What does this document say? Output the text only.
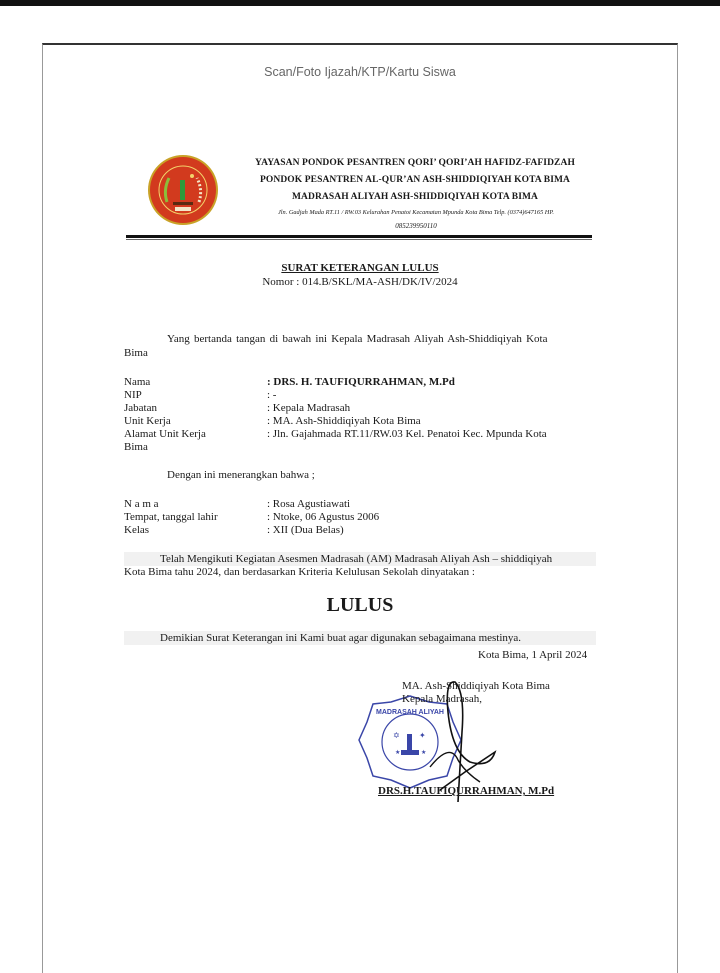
Scan/Foto Ijazah/KTP/Kartu Siswa
YAYASAN PONDOK PESANTREN QORI’ QORI’AH HAFIDZ-FAFIDZAH
PONDOK PESANTREN AL-QUR’AN ASH-SHIDDIQIYAH KOTA BIMA
MADRASAH ALIYAH ASH-SHIDDIQIYAH KOTA BIMA
Jln. Gadjah Mada RT.11 / RW.03 Kelurahan Penatoi Kecamatan Mpunda Kota Bima Telp. (0374)647165 HP.
085239950110
SURAT KETERANGAN LULUS
Nomor : 014.B/SKL/MA-ASH/DK/IV/2024
Yang bertanda tangan di bawah ini Kepala Madrasah Aliyah Ash-Shiddiqiyah Kota
Bima
Nama	: DRS. H. TAUFIQURRAHMAN, M.Pd
NIP	: -
Jabatan	: Kepala Madrasah
Unit Kerja	: MA. Ash-Shiddiqiyah Kota Bima
Alamat Unit Kerja	: Jln. Gajahmada RT.11/RW.03 Kel. Penatoi Kec. Mpunda Kota
Bima
Dengan ini menerangkan bahwa ;
N a m a	: Rosa Agustiawati
Tempat, tanggal lahir	: Ntoke, 06 Agustus 2006
Kelas	: XII (Dua Belas)
Telah Mengikuti Kegiatan Asesmen Madrasah (AM) Madrasah Aliyah Ash – shiddiqiyah
Kota Bima tahu 2024, dan berdasarkan Kriteria Kelulusan Sekolah dinyatakan :
LULUS
Demikian Surat Keterangan ini Kami buat agar digunakan sebagaimana mestinya.
Kota Bima, 1 April 2024
MADRASAH ALIYAH
✡ ✦
★	★
MA. Ash-Shiddiqiyah Kota Bima
Kepala Madrasah,
DRS.H.TAUFIQURRAHMAN, M.Pd
